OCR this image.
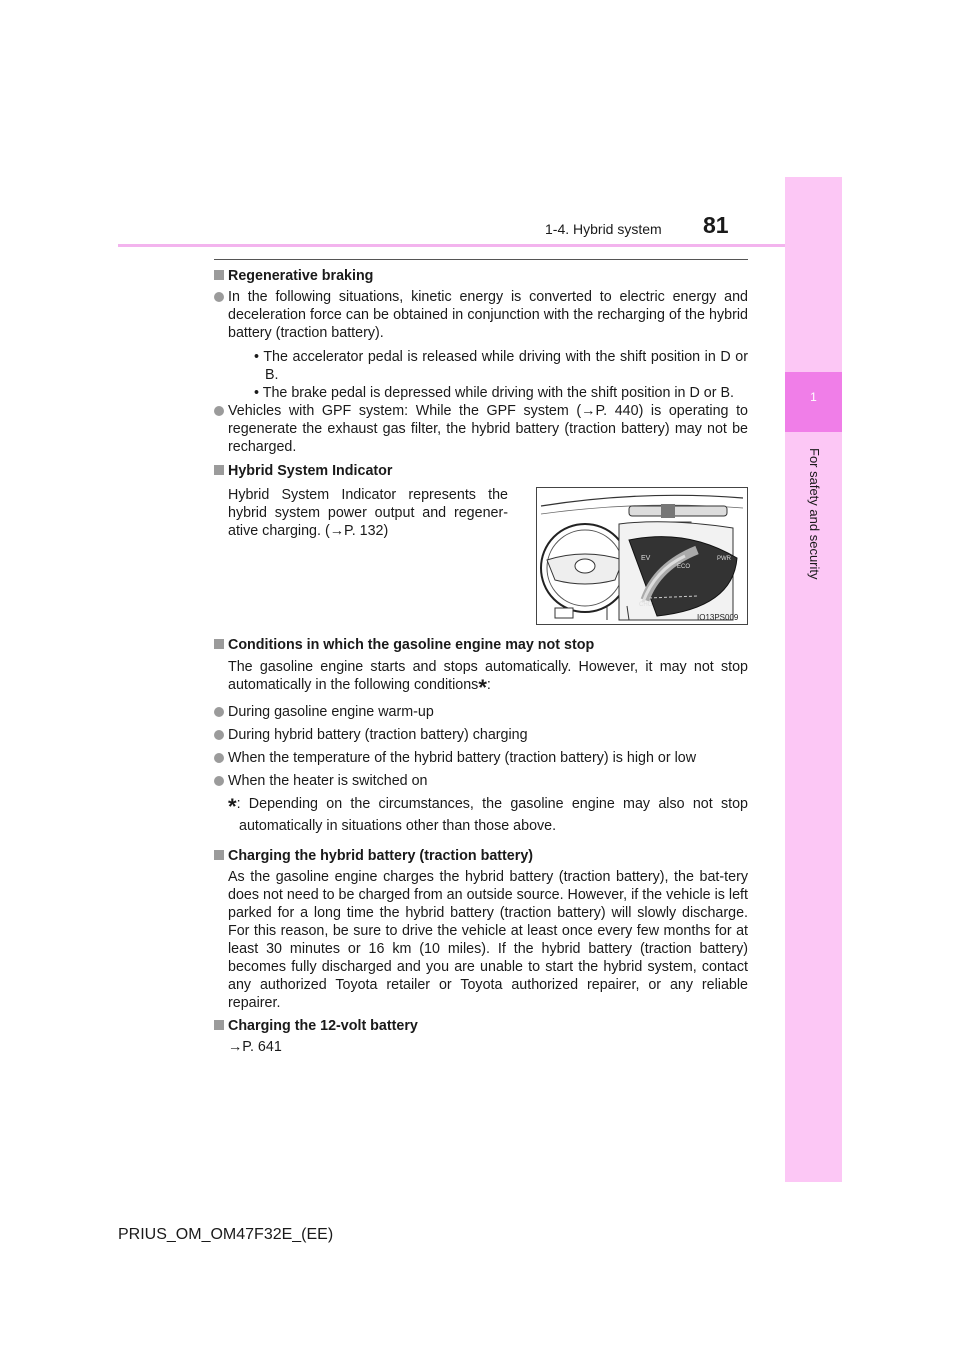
1-4. Hybrid system 81
1
For safety and security

Regenerative braking

In the following situations, kinetic energy is converted to electric energy and deceleration force can be obtained in conjunction with the recharging of the hybrid battery (traction battery).

• The accelerator pedal is released while driving with the shift position in D or B.

• The brake pedal is depressed while driving with the shift position in D or B.

Vehicles with GPF system: While the GPF system (→P. 440) is operating to regenerate the exhaust gas filter, the hybrid battery (traction battery) may not be recharged.

Hybrid System Indicator

Hybrid System Indicator represents the hybrid system power output and regener-ative charging. (→P. 132)

EV
ECO
PWR
CHG
IO13PS009

Conditions in which the gasoline engine may not stop

The gasoline engine starts and stops automatically. However, it may not stop automatically in the following conditions*:

During gasoline engine warm-up

During hybrid battery (traction battery) charging

When the temperature of the hybrid battery (traction battery) is high or low

When the heater is switched on

*: Depending on the circumstances, the gasoline engine may also not stop automatically in situations other than those above.

Charging the hybrid battery (traction battery)

As the gasoline engine charges the hybrid battery (traction battery), the bat-tery does not need to be charged from an outside source. However, if the vehicle is left parked for a long time the hybrid battery (traction battery) will slowly discharge. For this reason, be sure to drive the vehicle at least once every few months for at least 30 minutes or 16 km (10 miles). If the hybrid battery (traction battery) becomes fully discharged and you are unable to start the hybrid system, contact any authorized Toyota retailer or Toyota authorized repairer, or any reliable repairer.

Charging the 12-volt battery

→P. 641

PRIUS_OM_OM47F32E_(EE)
